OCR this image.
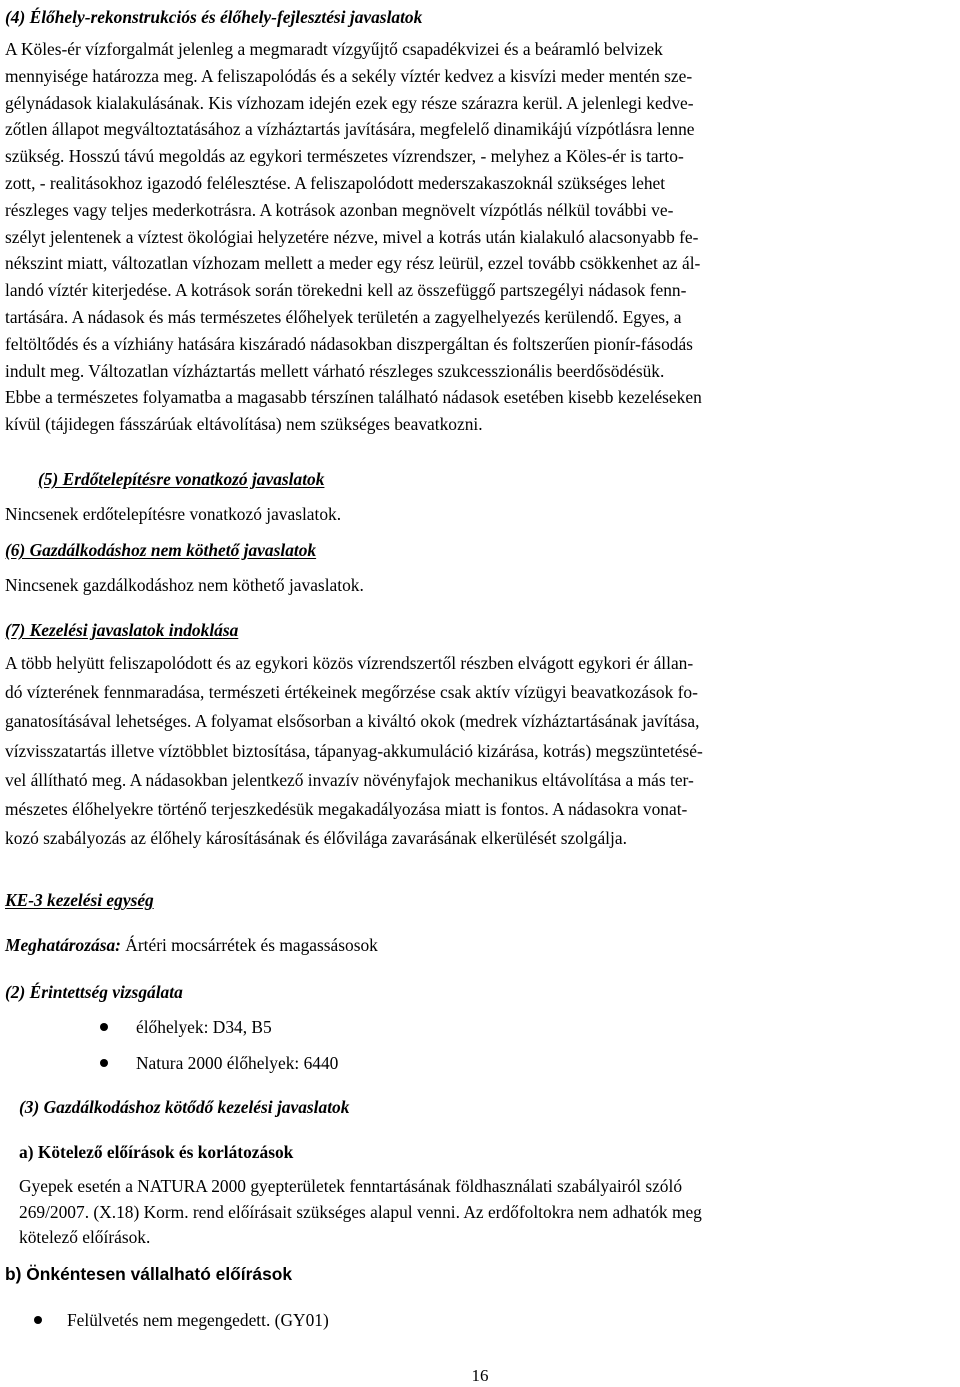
(4) Élőhely-rekonstrukciós és élőhely-fejlesztési javaslatok
A Köles-ér vízforgalmát jelenleg a megmaradt vízgyűjtő csapadékvizei és a beáramló belvizek
mennyisége határozza meg. A feliszapolódás és a sekély víztér kedvez a kisvízi meder mentén sze-
gélynádasok kialakulásának. Kis vízhozam idején ezek egy része szárazra kerül. A jelenlegi kedve-
zőtlen állapot megváltoztatásához a vízháztartás javítására, megfelelő dinamikájú vízpótlásra lenne
szükség. Hosszú távú megoldás az egykori természetes vízrendszer, - melyhez a Köles-ér is tarto-
zott, - realitásokhoz igazodó felélesztése. A feliszapolódott mederszakaszoknál szükséges lehet
részleges vagy teljes mederkotrásra. A kotrások azonban megnövelt vízpótlás nélkül további ve-
szélyt jelentenek a víztest ökológiai helyzetére nézve, mivel a kotrás után kialakuló alacsonyabb fe-
nékszint miatt, változatlan vízhozam mellett a meder egy rész leürül, ezzel tovább csökkenhet az ál-
landó víztér kiterjedése. A kotrások során törekedni kell az összefüggő partszegélyi nádasok fenn-
tartására. A nádasok és más természetes élőhelyek területén a zagyelhelyezés kerülendő. Egyes, a
feltöltődés és a vízhiány hatására kiszáradó nádasokban diszpergáltan és foltszerűen pionír-fásodás
indult meg. Változatlan vízháztartás mellett várható részleges szukcesszionális beerdősödésük.
Ebbe a természetes folyamatba a magasabb térszínen található nádasok esetében kisebb kezeléseken
kívül (tájidegen fásszárúak eltávolítása) nem szükséges beavatkozni.
(5) Erdőtelepítésre vonatkozó javaslatok
Nincsenek erdőtelepítésre vonatkozó javaslatok.
(6) Gazdálkodáshoz nem köthető javaslatok
Nincsenek gazdálkodáshoz nem köthető javaslatok.
(7) Kezelési javaslatok indoklása
A több helyütt feliszapolódott és az egykori közös vízrendszertől részben elvágott egykori ér állan-
dó vízterének fennmaradása, természeti értékeinek megőrzése csak aktív vízügyi beavatkozások fo-
ganatosításával lehetséges. A folyamat elsősorban a kiváltó okok (medrek vízháztartásának javítása,
vízvisszatartás illetve víztöbblet biztosítása, tápanyag-akkumuláció kizárása, kotrás) megszüntetésé-
vel állítható meg. A nádasokban jelentkező invazív növényfajok mechanikus eltávolítása a más ter-
mészetes élőhelyekre történő terjeszkedésük megakadályozása miatt is fontos. A nádasokra vonat-
kozó szabályozás az élőhely károsításának és élővilága zavarásának elkerülését szolgálja.
KE-3 kezelési egység
Meghatározása: Ártéri mocsárrétek és magassásosok
(2) Érintettség vizsgálata
élőhelyek: D34, B5
Natura 2000 élőhelyek: 6440
(3) Gazdálkodáshoz kötődő kezelési javaslatok
a) Kötelező előírások és korlátozások
Gyepek esetén a NATURA 2000 gyepterületek fenntartásának földhasználati szabályairól szóló
269/2007. (X.18) Korm. rend előírásait szükséges alapul venni. Az erdőfoltokra nem adhatók meg
kötelező előírások.
b) Önkéntesen vállalható előírások
Felülvetés nem megengedett. (GY01)
16
